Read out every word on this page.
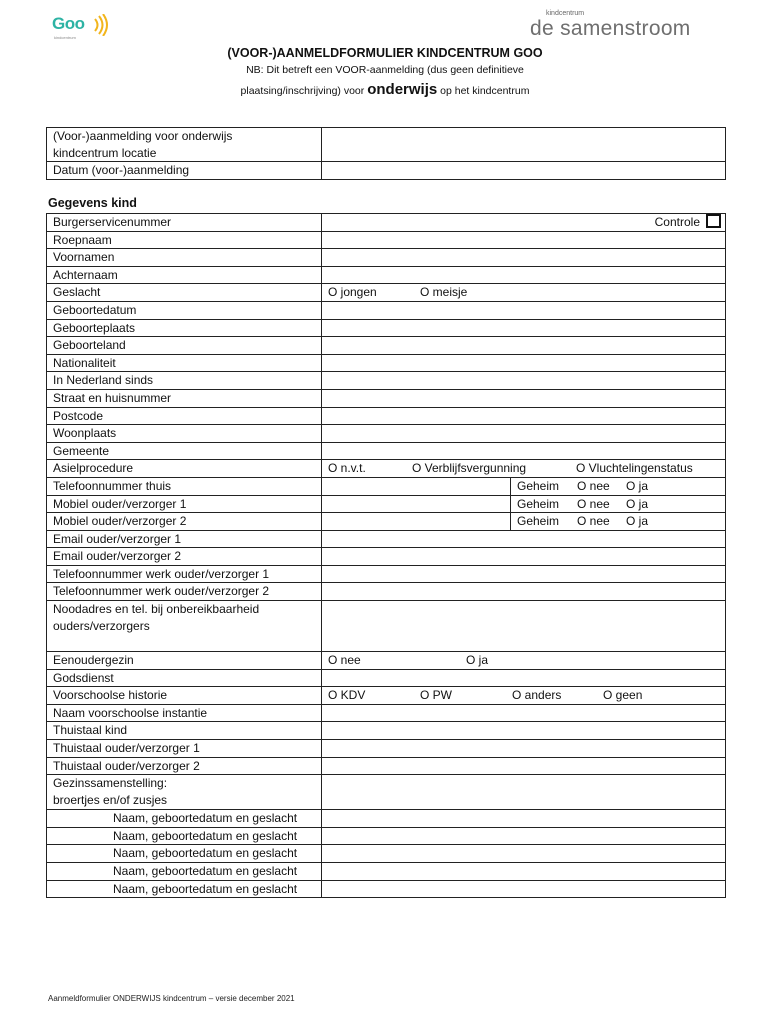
Goo
kindcentrum
kindcentrum
de samenstroom
(VOOR-)AANMELDFORMULIER KINDCENTRUM GOO
NB: Dit betreft een VOOR-aanmelding (dus geen definitieve
plaatsing/inschrijving) voor onderwijs op het kindcentrum
(Voor-)aanmelding voor onderwijs
kindcentrum locatie	

Datum (voor-)aanmelding	
Gegevens kind
Burgerservicenummer	Controle
Roepnaam	
Voornamen	
Achternaam	
Geslacht	O jongen O meisje

Geboortedatum	
Geboorteplaats	
Geboorteland	
Nationaliteit	
In Nederland sinds	
Straat en huisnummer	
Postcode	
Woonplaats	
Gemeente	
Asielprocedure	O n.v.t. O Verblijfsvergunning O Vluchtelingenstatus

Telefoonnummer thuis	Geheim O nee O ja

Mobiel ouder/verzorger 1	Geheim O nee O ja

Mobiel ouder/verzorger 2	Geheim O nee O ja

Email ouder/verzorger 1	
Email ouder/verzorger 2	
Telefoonnummer werk ouder/verzorger 1	
Telefoonnummer werk ouder/verzorger 2	

Noodadres en tel. bij onbereikbaarheid
ouders/verzorgers	

Eenoudergezin	O nee O ja

Godsdienst	
Voorschoolse historie	O KDV O PW O anders O geen

Naam voorschoolse instantie	
Thuistaal kind	
Thuistaal ouder/verzorger 1	
Thuistaal ouder/verzorger 2	

Gezinssamenstelling:
broertjes en/of zusjes	

Naam, geboortedatum en geslacht	
Naam, geboortedatum en geslacht	
Naam, geboortedatum en geslacht	
Naam, geboortedatum en geslacht	
Naam, geboortedatum en geslacht	
Aanmeldformulier ONDERWIJS kindcentrum – versie december 2021
